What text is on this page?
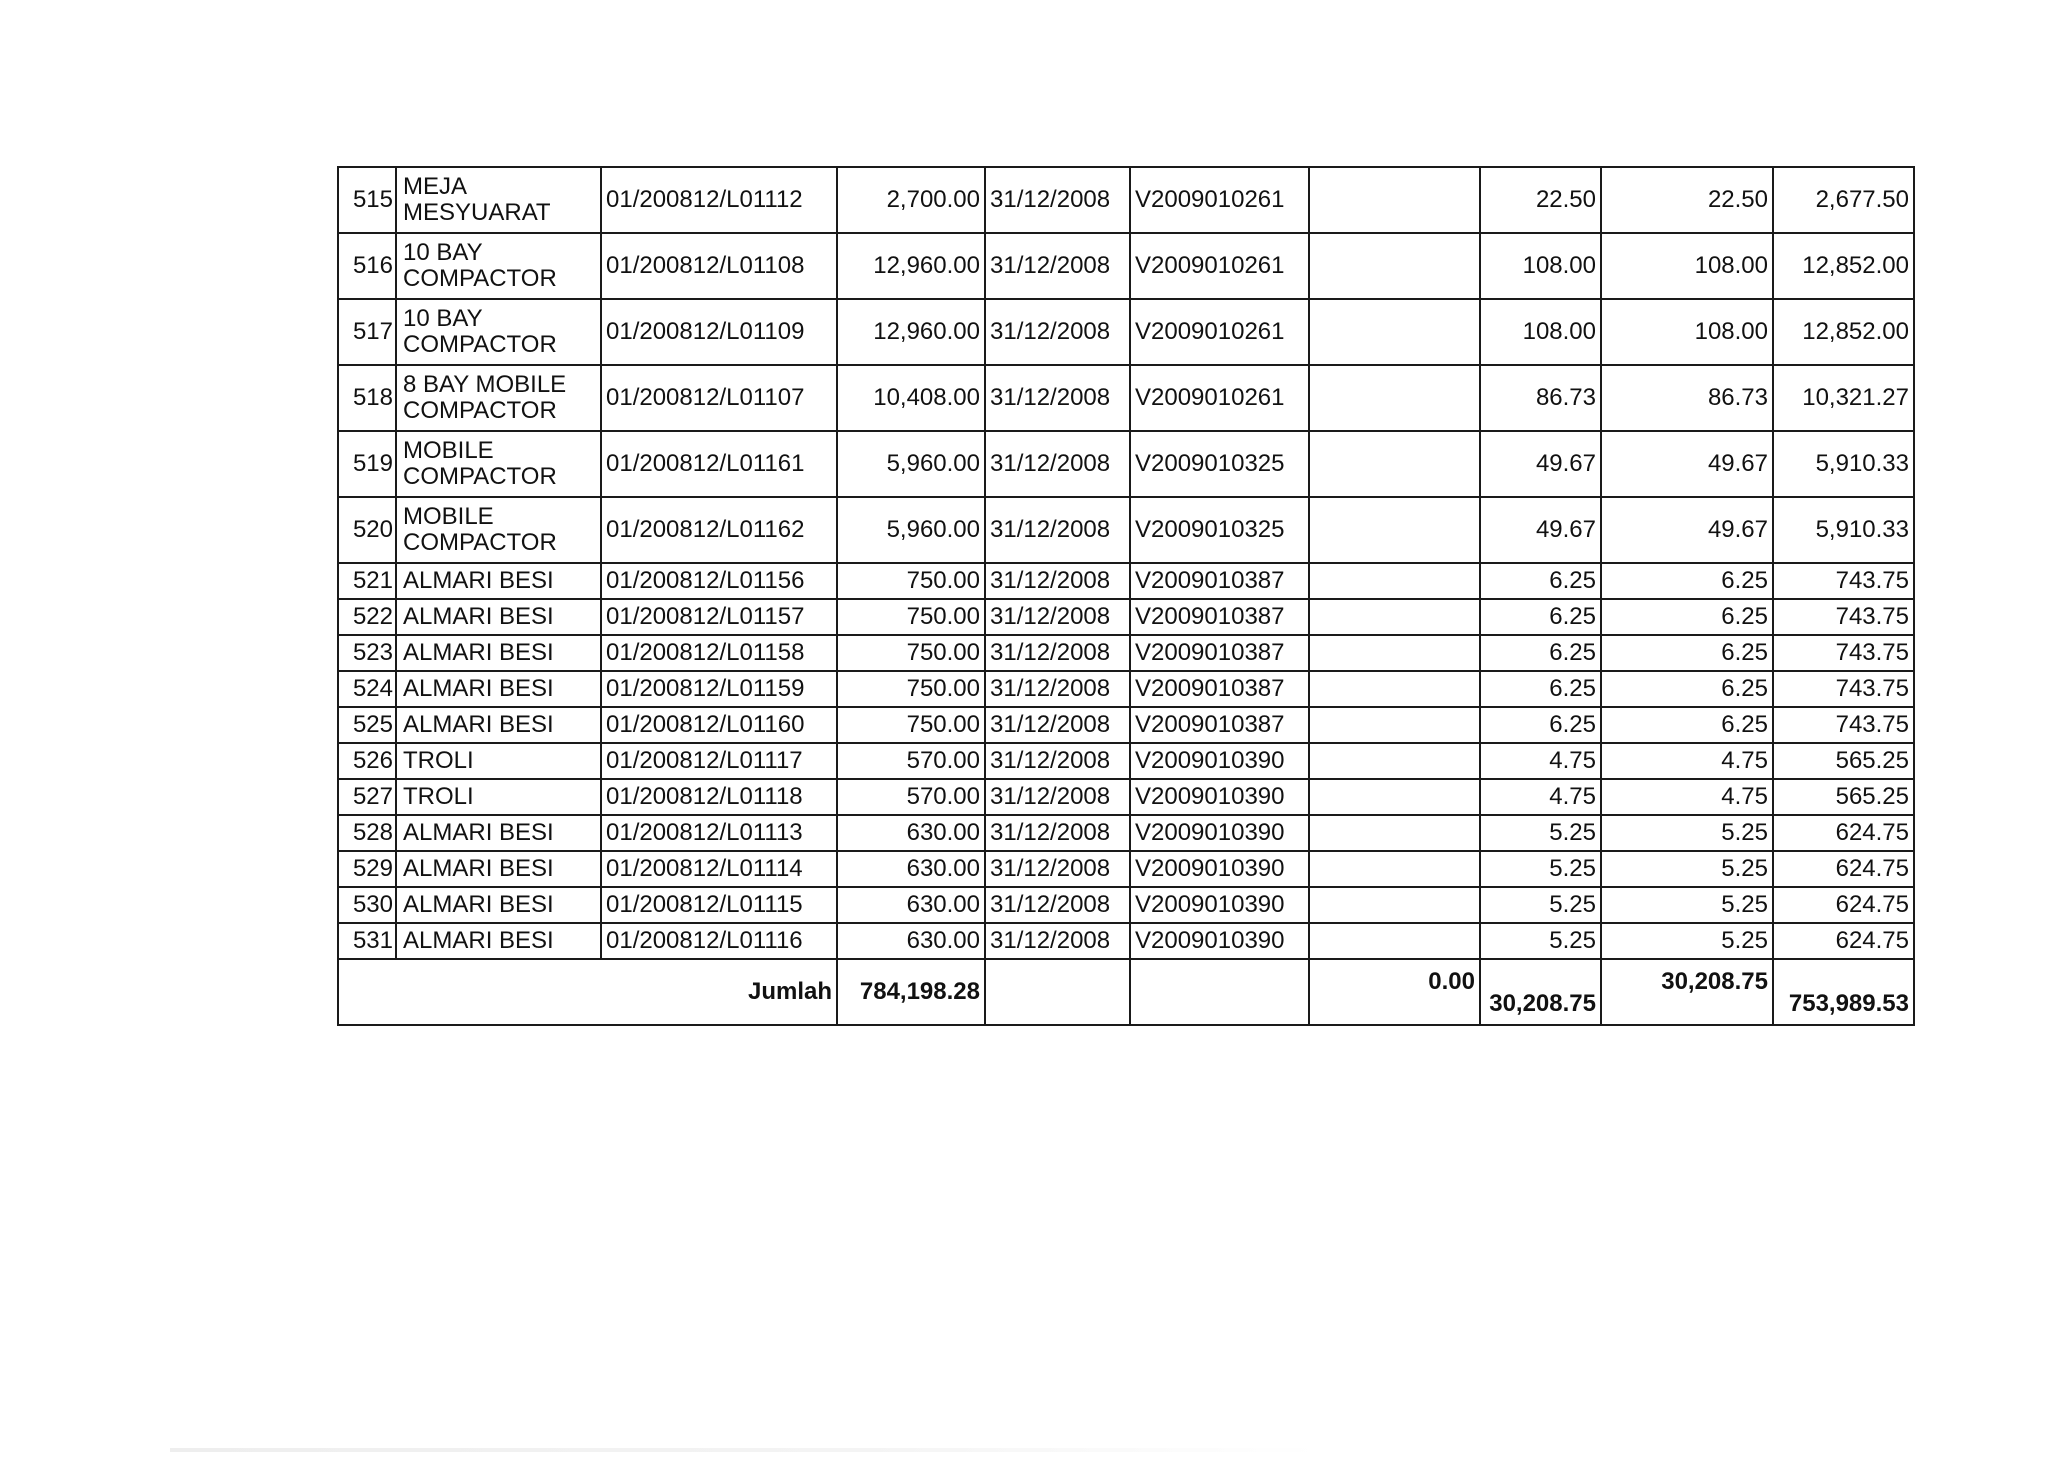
515	MEJA MESYUARAT	01/200812/L01112	2,700.00	31/12/2008	V2009010261		22.50	22.50	2,677.50
516	10 BAY COMPACTOR	01/200812/L01108	12,960.00	31/12/2008	V2009010261		108.00	108.00	12,852.00
517	10 BAY COMPACTOR	01/200812/L01109	12,960.00	31/12/2008	V2009010261		108.00	108.00	12,852.00
518	8 BAY MOBILE COMPACTOR	01/200812/L01107	10,408.00	31/12/2008	V2009010261		86.73	86.73	10,321.27
519	MOBILE COMPACTOR	01/200812/L01161	5,960.00	31/12/2008	V2009010325		49.67	49.67	5,910.33
520	MOBILE COMPACTOR	01/200812/L01162	5,960.00	31/12/2008	V2009010325		49.67	49.67	5,910.33
521	ALMARI BESI	01/200812/L01156	750.00	31/12/2008	V2009010387		6.25	6.25	743.75
522	ALMARI BESI	01/200812/L01157	750.00	31/12/2008	V2009010387		6.25	6.25	743.75
523	ALMARI BESI	01/200812/L01158	750.00	31/12/2008	V2009010387		6.25	6.25	743.75
524	ALMARI BESI	01/200812/L01159	750.00	31/12/2008	V2009010387		6.25	6.25	743.75
525	ALMARI BESI	01/200812/L01160	750.00	31/12/2008	V2009010387		6.25	6.25	743.75
526	TROLI	01/200812/L01117	570.00	31/12/2008	V2009010390		4.75	4.75	565.25
527	TROLI	01/200812/L01118	570.00	31/12/2008	V2009010390		4.75	4.75	565.25
528	ALMARI BESI	01/200812/L01113	630.00	31/12/2008	V2009010390		5.25	5.25	624.75
529	ALMARI BESI	01/200812/L01114	630.00	31/12/2008	V2009010390		5.25	5.25	624.75
530	ALMARI BESI	01/200812/L01115	630.00	31/12/2008	V2009010390		5.25	5.25	624.75
531	ALMARI BESI	01/200812/L01116	630.00	31/12/2008	V2009010390		5.25	5.25	624.75
Jumlah			784,198.28			0.00	30,208.75	30,208.75	753,989.53
